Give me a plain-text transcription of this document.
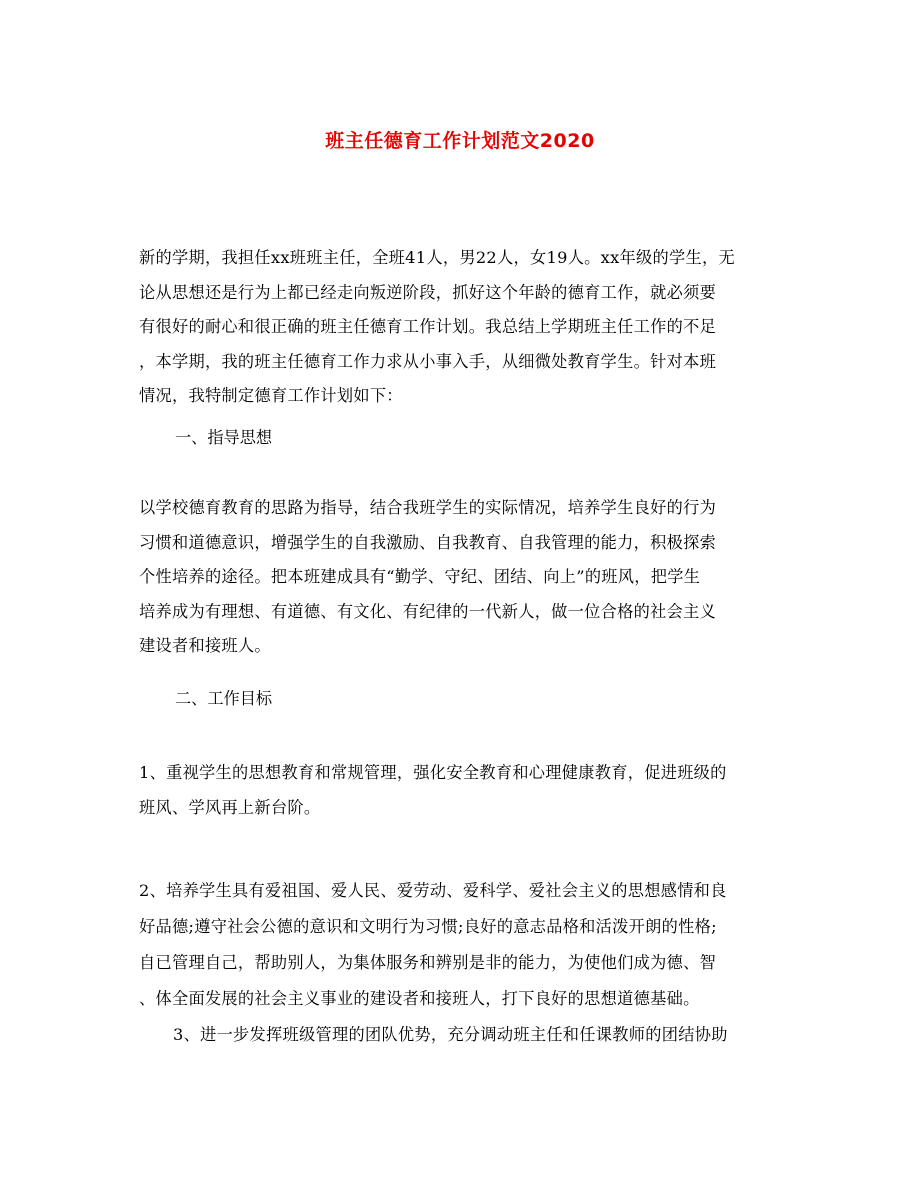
班主任德育工作计划范文2020
新的学期，我担任xx班班主任，全班41人，男22人，女19人。xx年级的学生，无
论从思想还是行为上都已经走向叛逆阶段，抓好这个年龄的德育工作，就必须要
有很好的耐心和很正确的班主任德育工作计划。我总结上学期班主任工作的不足
，本学期，我的班主任德育工作力求从小事入手，从细微处教育学生。针对本班
情况，我特制定德育工作计划如下：
一、指导思想
以学校德育教育的思路为指导，结合我班学生的实际情况，培养学生良好的行为
习惯和道德意识，增强学生的自我激励、自我教育、自我管理的能力，积极探索
个性培养的途径。把本班建成具有“勤学、守纪、团结、向上”的班风，把学生
培养成为有理想、有道德、有文化、有纪律的一代新人，做一位合格的社会主义
建设者和接班人。
二、工作目标
1、重视学生的思想教育和常规管理，强化安全教育和心理健康教育，促进班级的
班风、学风再上新台阶。
2、培养学生具有爱祖国、爱人民、爱劳动、爱科学、爱社会主义的思想感情和良
好品德;遵守社会公德的意识和文明行为习惯;良好的意志品格和活泼开朗的性格;
自已管理自己，帮助别人，为集体服务和辨别是非的能力，为使他们成为德、智
、体全面发展的社会主义事业的建设者和接班人，打下良好的思想道德基础。
3、进一步发挥班级管理的团队优势，充分调动班主任和任课教师的团结协助
